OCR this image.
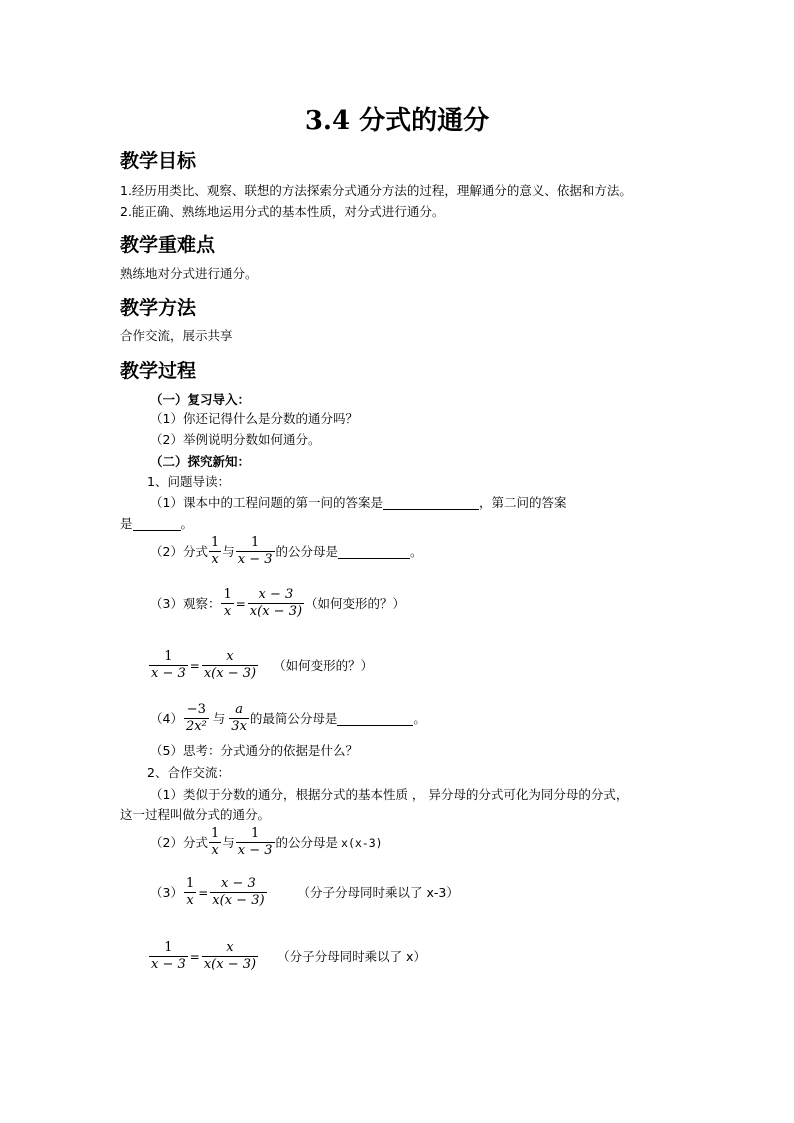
3.4 分式的通分
教学目标
1.经历用类比、观察、联想的方法探索分式通分方法的过程，理解通分的意义、依据和方法。
2.能正确、熟练地运用分式的基本性质，对分式进行通分。
教学重难点
熟练地对分式进行通分。
教学方法
合作交流，展示共享
教学过程
（一）复习导入：
（1）你还记得什么是分数的通分吗？
（2）举例说明分数如何通分。
（二）探究新知：
1、问题导读：
（1）课本中的工程问题的第一问的答案是	，第二问的答案
是	。
（2）分式 $\frac{1}{x}$ 与 $\frac{1}{x - 3}$ 的公分母是	。
（3）观察： $\frac{1}{x} = \frac{x - 3}{x(x - 3)}$ （如何变形的？）
$\frac{1}{x - 3} = \frac{x}{x(x - 3)}$ （如何变形的？）
$(4) \frac{-3}{\text{2x²}}$ 与 $\frac{a}{3x}$ 的最简公分母是	。
（5）思考：分式通分的依据是什么？
2、合作交流：
（1）类似于分数的通分，根据分式的基本性质 ， 异分母的分式可化为同分母的分式，
这一过程叫做分式的通分。
（2）分式 $\frac{1}{x}$ 与 $\frac{1}{x - 3}$ 的公分母是 x(x-3)
$(3) \frac{1}{x} = \frac{x - 3}{x(x - 3)}$ （分子分母同时乘以了 x-3）
$\frac{1}{x - 3} = \frac{x}{x(x - 3)}$ （分子分母同时乘以了 x）
